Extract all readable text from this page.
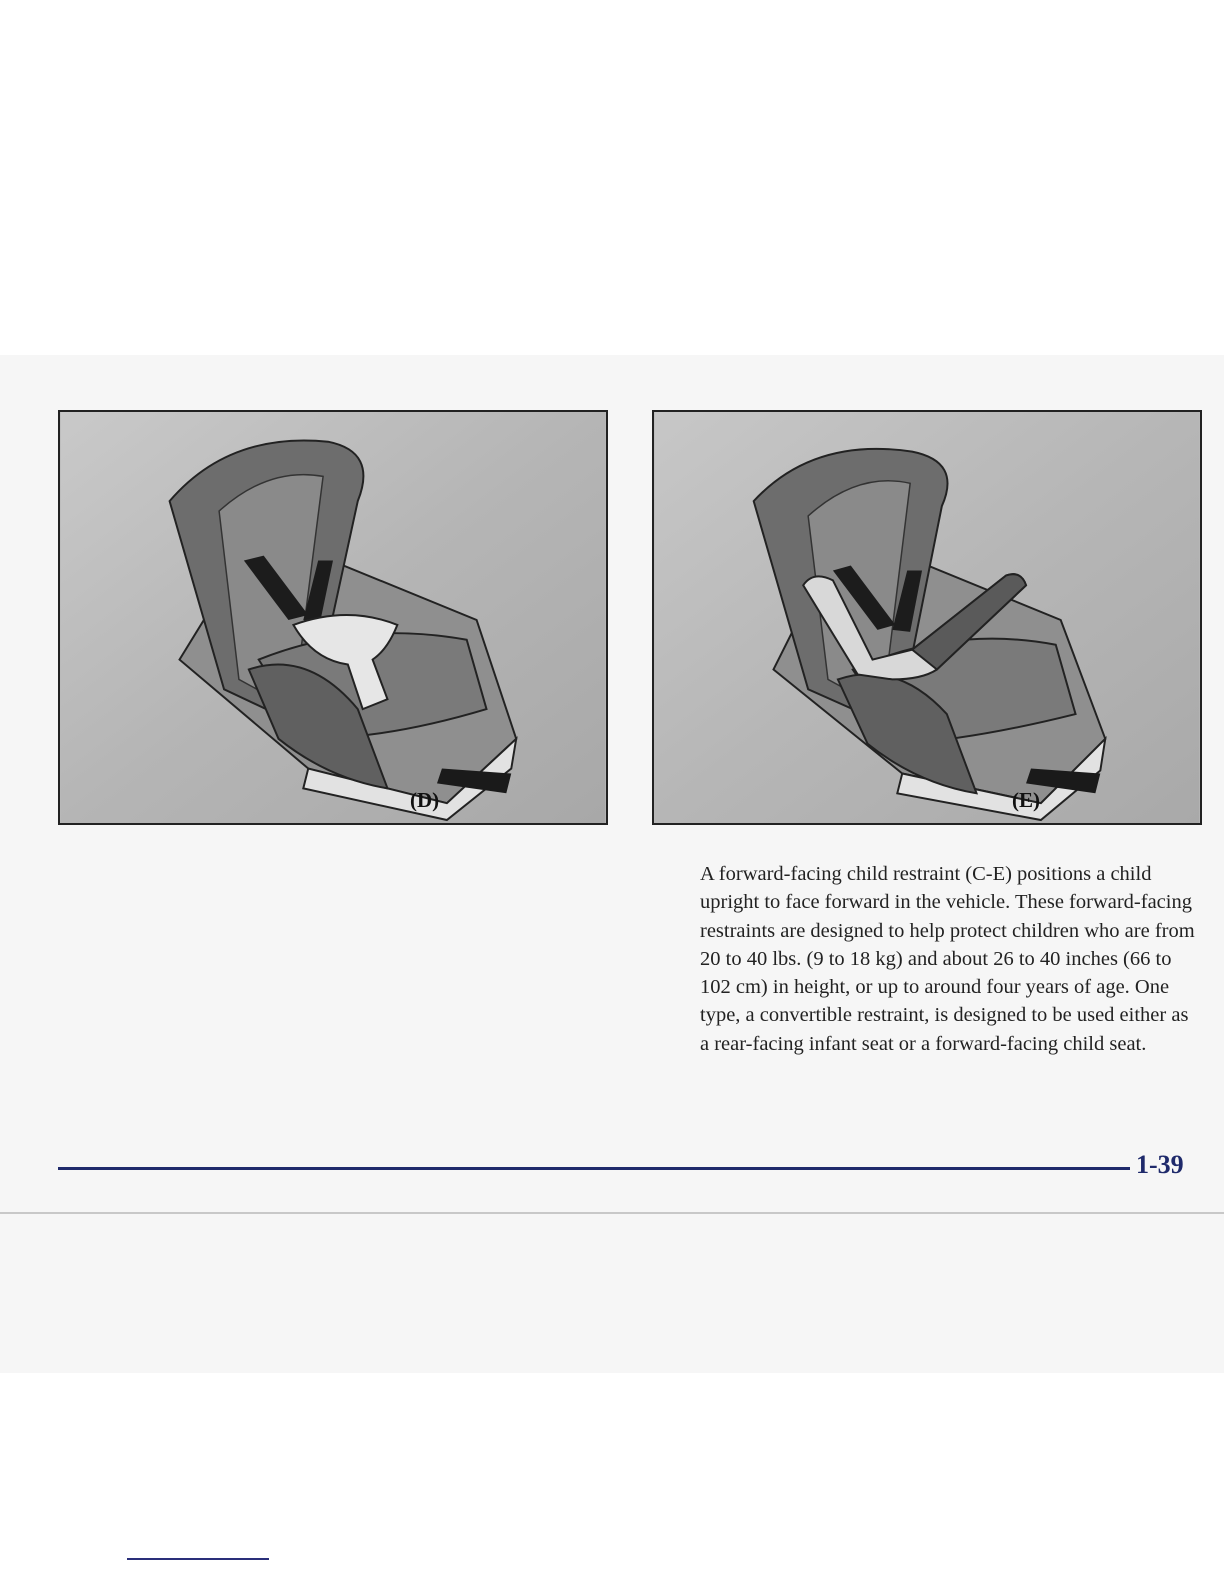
(D)	(E)

A forward-facing child restraint (C-E) positions a child upright to face forward in the vehicle. These forward-facing restraints are designed to help protect children who are from 20 to 40 lbs. (9 to 18 kg) and about 26 to 40 inches (66 to 102 cm) in height, or up to around four years of age. One type, a convertible restraint, is designed to be used either as a rear-facing infant seat or a forward-facing child seat.

1-39
